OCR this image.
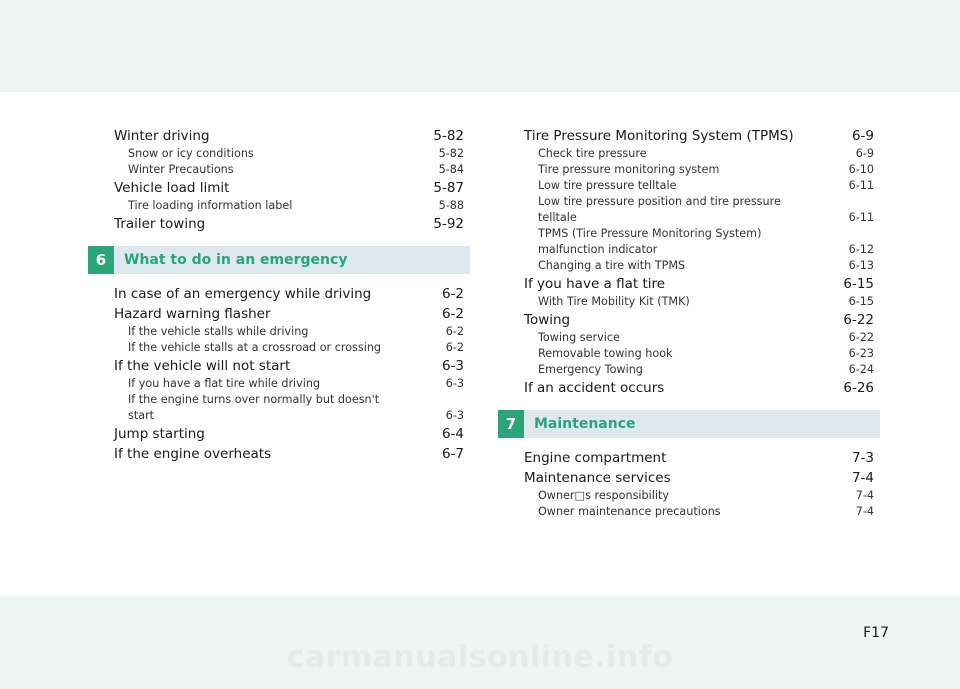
Winter driving	5-82
Snow or icy conditions	5-82
Winter Precautions	5-84
Vehicle load limit	5-87
Tire loading information label	5-88
Trailer towing	5-92
What to do in an emergency
6
In case of an emergency while driving	6-2
Hazard warning flasher	6-2
If the vehicle stalls while driving	6-2
If the vehicle stalls at a crossroad or crossing	6-2
If the vehicle will not start	6-3
If you have a flat tire while driving	6-3
If the engine turns over normally but doesn't
start	6-3
Jump starting	6-4
If the engine overheats	6-7
Tire Pressure Monitoring System (TPMS)	6-9
Check tire pressure	6-9
Tire pressure monitoring system	6-10
Low tire pressure telltale	6-11
Low tire pressure position and tire pressure
telltale	6-11
TPMS (Tire Pressure Monitoring System)
malfunction indicator	6-12
Changing a tire with TPMS	6-13
If you have a flat tire	6-15
With Tire Mobility Kit (TMK)	6-15
Towing	6-22
Towing service	6-22
Removable towing hook	6-23
Emergency Towing	6-24
If an accident occurs	6-26
Maintenance
7
Engine compartment	7-3
Maintenance services	7-4
Owner□s responsibility	7-4
Owner maintenance precautions	7-4
F17
carmanualsonline.info
